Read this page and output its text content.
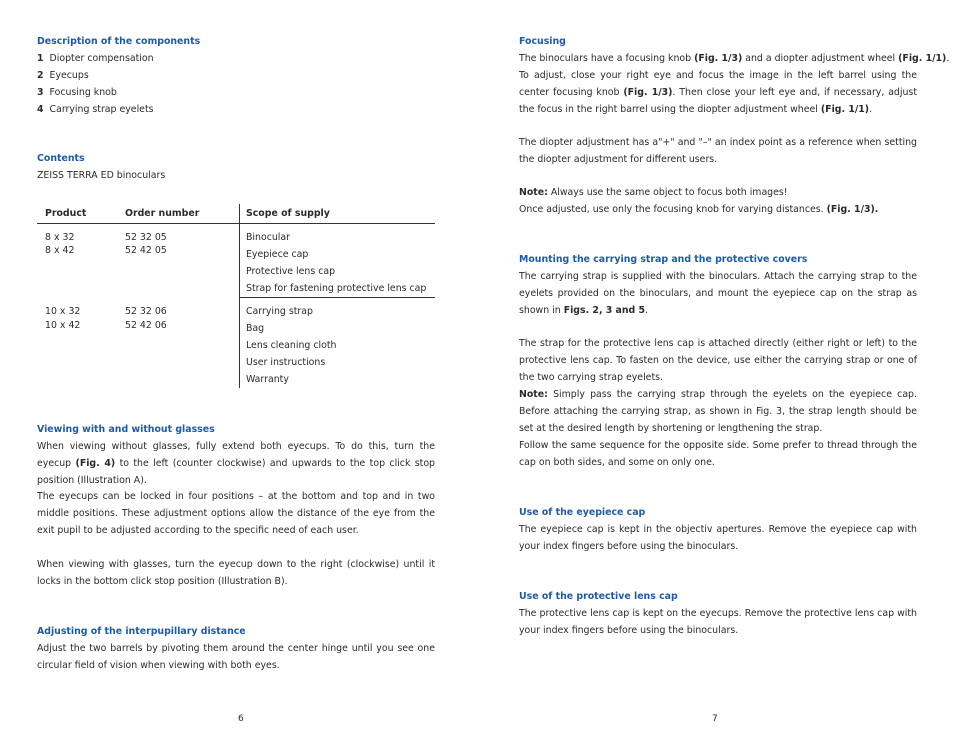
Description of the components
1 Diopter compensation
2 Eyecups
3 Focusing knob
4 Carrying strap eyelets
Contents
ZEISS TERRA ED binoculars
Product	Order number	Scope of supply
8 x 32
8 x 42
52 32 05
52 42 05
Binocular
Eyepiece cap
Protective lens cap
Strap for fastening protective lens cap
10 x 32
10 x 42
52 32 06
52 42 06
Carrying strap
Bag
Lens cleaning cloth
User instructions
Warranty
Viewing with and without glasses
When viewing without glasses, fully extend both eyecups. To do this, turn the eyecup (Fig. 4) to the left (counter clockwise) and upwards to the top click stop position (Illustration A).
The eyecups can be locked in four positions – at the bottom and top and in two middle positions. These adjustment options allow the distance of the eye from the exit pupil to be adjusted according to the specific need of each user.
When viewing with glasses, turn the eyecup down to the right (clockwise) until it locks in the bottom click stop position (Illustration B).
Adjusting of the interpupillary distance
Adjust the two barrels by pivoting them around the center hinge until you see one circular field of vision when viewing with both eyes.
6
Focusing
The binoculars have a focusing knob (Fig. 1/3) and a diopter adjustment wheel (Fig. 1/1).
To adjust, close your right eye and focus the image in the left barrel using the center focusing knob (Fig. 1/3). Then close your left eye and, if necessary, adjust the focus in the right barrel using the diopter adjustment wheel (Fig. 1/1).
The diopter adjustment has a"+" and "–" an index point as a reference when setting the diopter adjustment for different users.
Note: Always use the same object to focus both images!
Once adjusted, use only the focusing knob for varying distances. (Fig. 1/3).
Mounting the carrying strap and the protective covers
The carrying strap is supplied with the binoculars. Attach the carrying strap to the eyelets provided on the binoculars, and mount the eyepiece cap on the strap as shown in Figs. 2, 3 and 5.
The strap for the protective lens cap is attached directly (either right or left) to the protective lens cap. To fasten on the device, use either the carrying strap or one of the two carrying strap eyelets.
Note: Simply pass the carrying strap through the eyelets on the eyepiece cap. Before attaching the carrying strap, as shown in Fig. 3, the strap length should be set at the desired length by shortening or lengthening the strap.
Follow the same sequence for the opposite side. Some prefer to thread through the cap on both sides, and some on only one.
Use of the eyepiece cap
The eyepiece cap is kept in the objectiv apertures. Remove the eyepiece cap with your index fingers before using the binoculars.
Use of the protective lens cap
The protective lens cap is kept on the eyecups. Remove the protective lens cap with your index fingers before using the binoculars.
7
